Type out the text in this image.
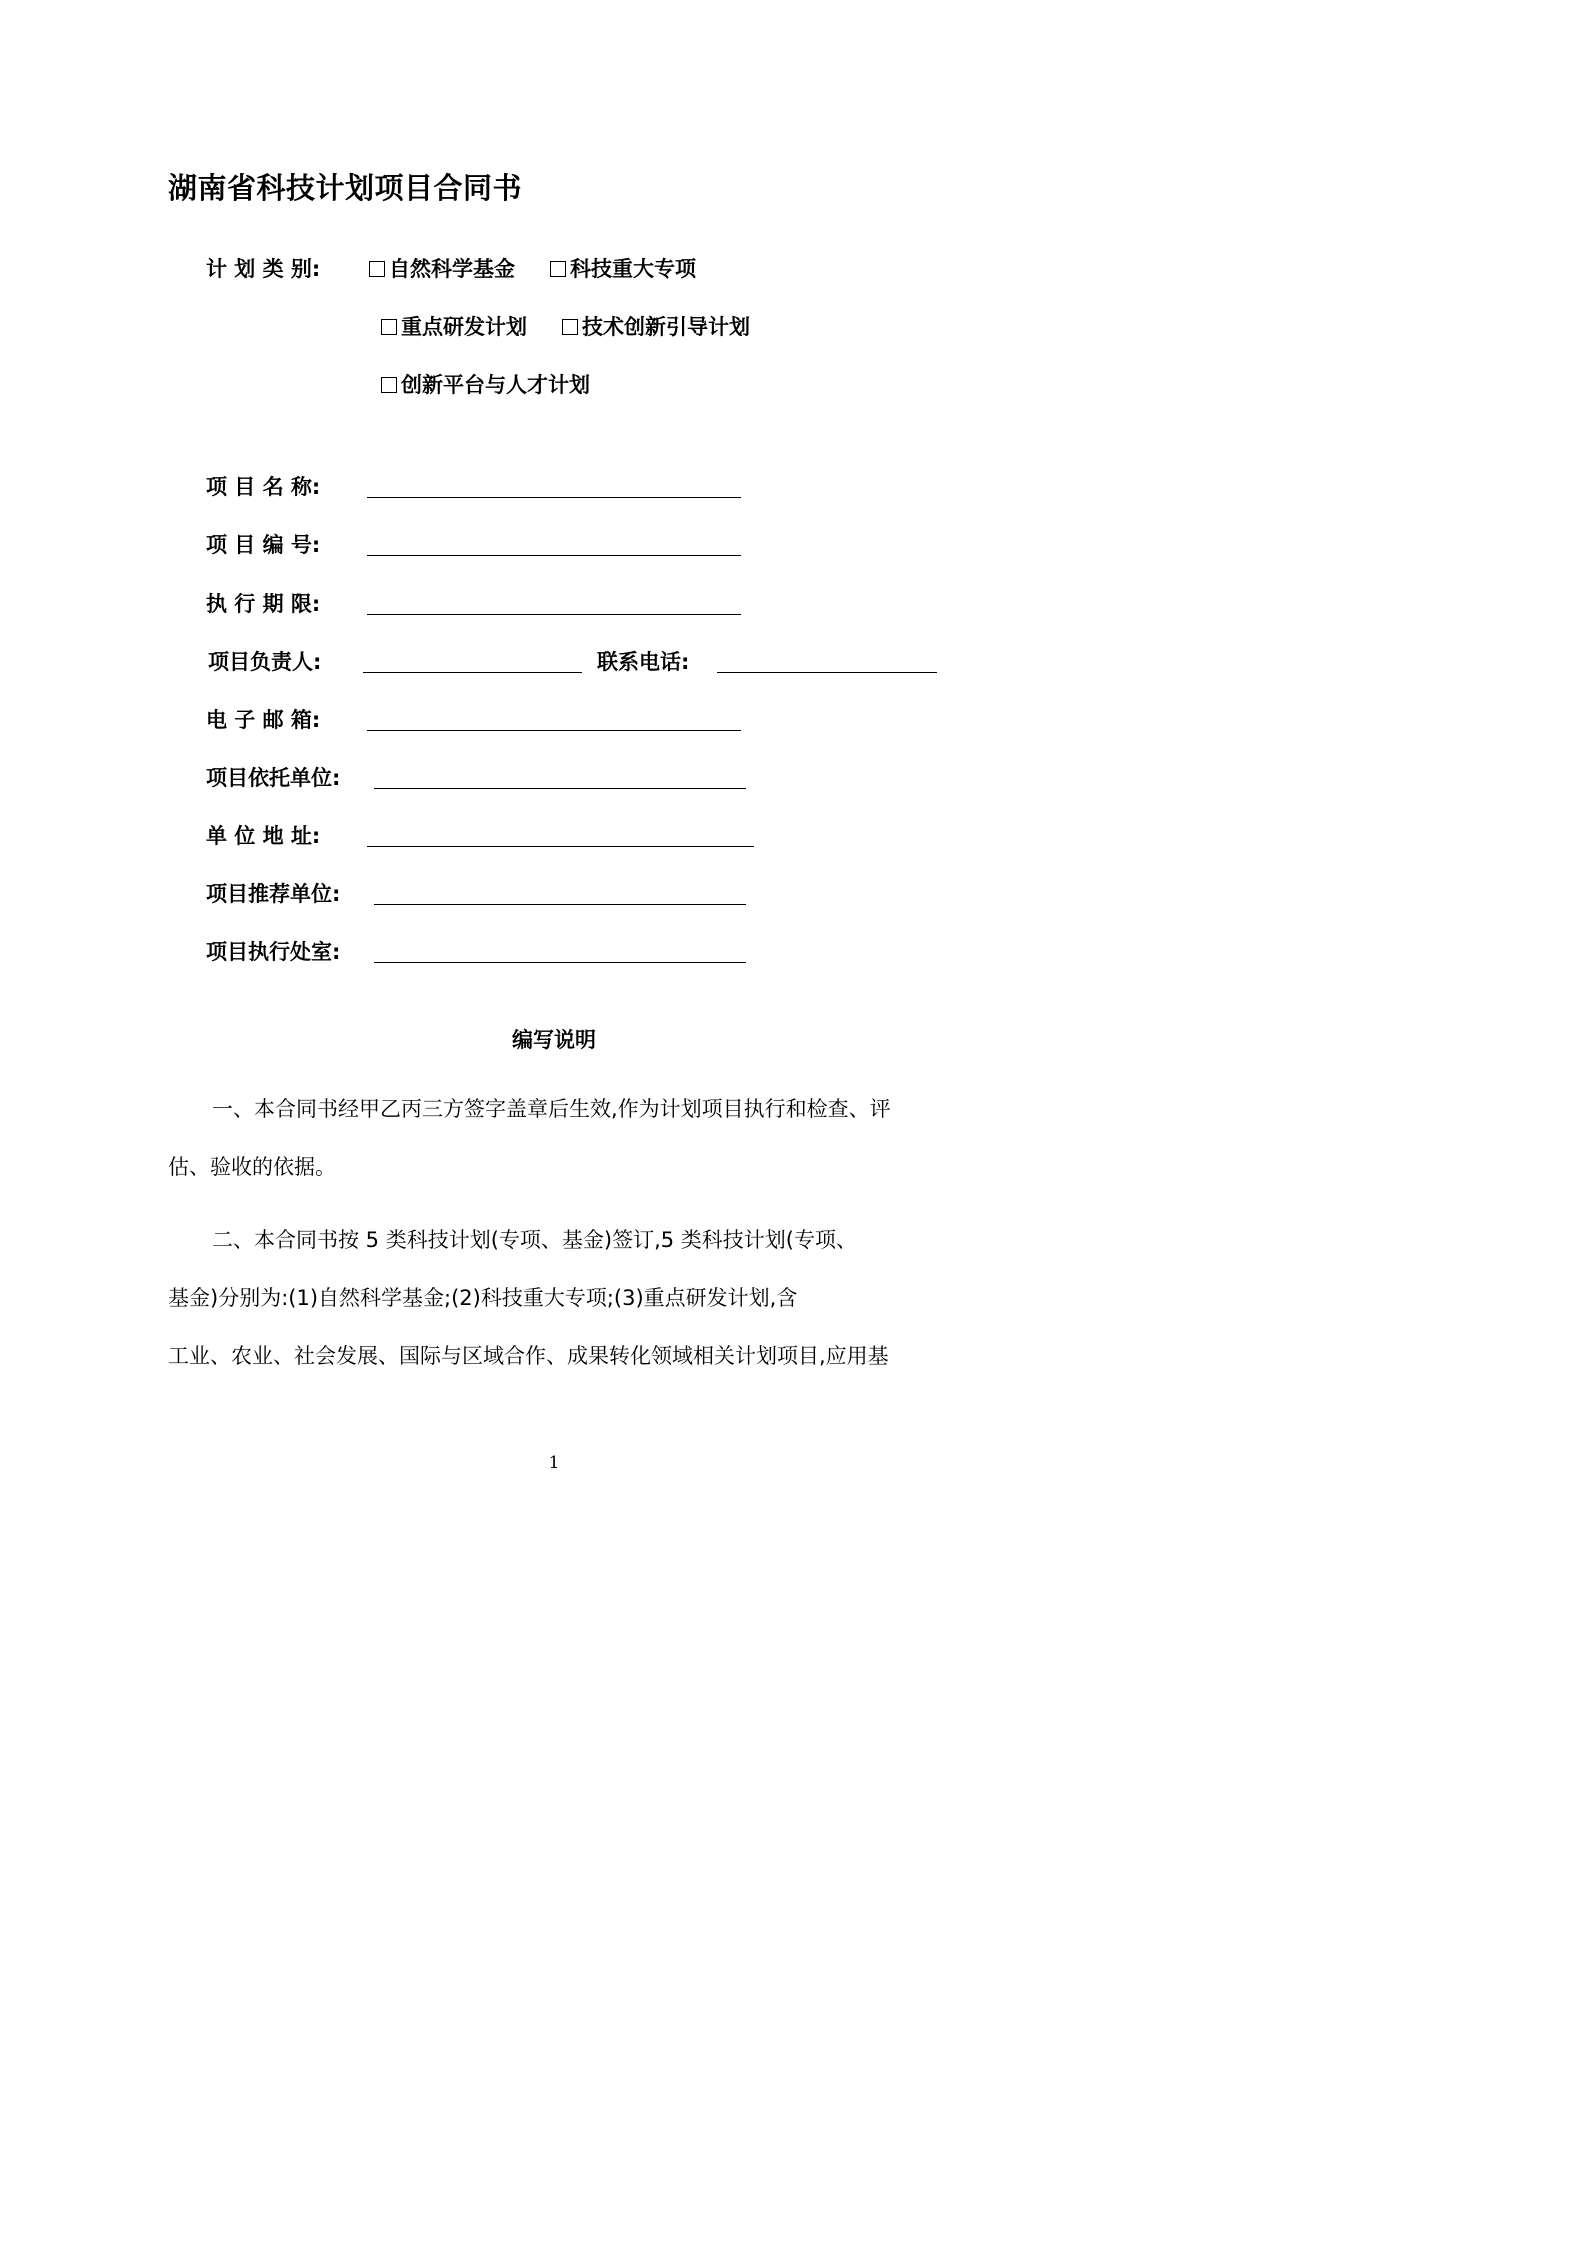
湖南省科技计划项目合同书
计 划 类 别:	自然科学基金	科技重大专项
重点研发计划	技术创新引导计划
创新平台与人才计划
项 目 名 称:
项 目 编 号:
执 行 期 限:
项目负责人:	联系电话:
电 子 邮 箱:
项目依托单位:
单 位 地 址:
项目推荐单位:
项目执行处室:
编写说明
一、本合同书经甲乙丙三方签字盖章后生效,作为计划项目执行和检查、评
估、验收的依据。
二、本合同书按 5 类科技计划(专项、基金)签订,5 类科技计划(专项、
基金)分别为:(1)自然科学基金;(2)科技重大专项;(3)重点研发计划,含
工业、农业、社会发展、国际与区域合作、成果转化领域相关计划项目,应用基
1
